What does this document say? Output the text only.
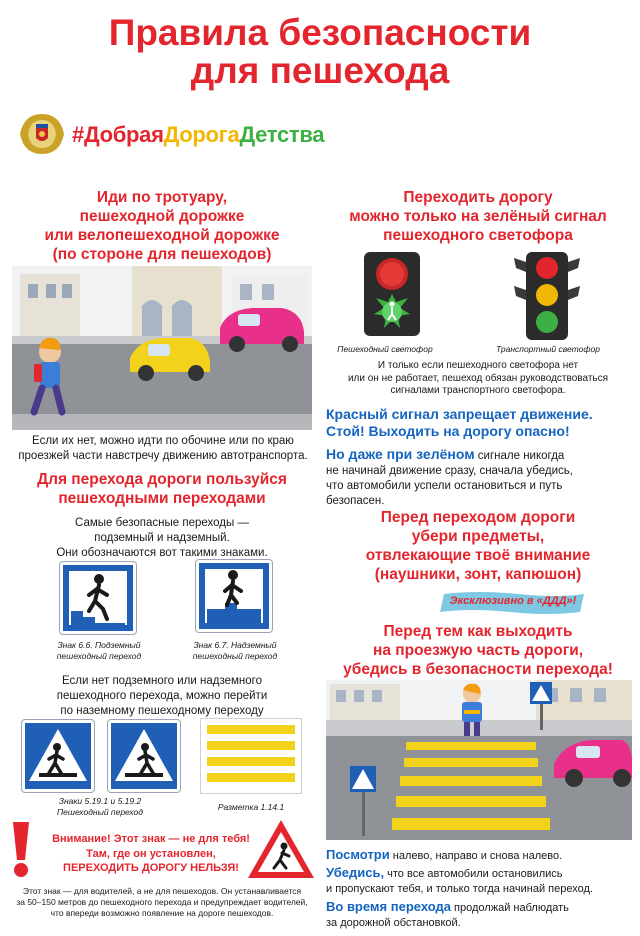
Правила безопасности
для пешехода
#ДобраяДорогаДетства
Иди по тротуару,
пешеходной дорожке
или велопешеходной дорожке
(по стороне для пешеходов)
Если их нет, можно идти по обочине или по краю
проезжей части навстречу движению автотранспорта.
Для перехода дороги пользуйся
пешеходными переходами
Самые безопасные переходы —
подземный и надземный.
Они обозначаются вот такими знаками.
Знак 6.6. Подземный
пешеходный переход
Знак 6.7. Надземный
пешеходный переход
Если нет подземного или надземного
пешеходного перехода, можно перейти
по наземному пешеходному переходу
Знаки 5.19.1 и 5.19.2
Пешеходный переход	Разметка 1.14.1
Внимание! Этот знак — не для тебя!
Там, где он установлен,
ПЕРЕХОДИТЬ ДОРОГУ НЕЛЬЗЯ!
Этот знак — для водителей, а не для пешеходов. Он устанавливается
за 50–150 метров до пешеходного перехода и предупреждает водителей,
что впереди возможно появление на дороге пешеходов.
Переходить дорогу
можно только на зелёный сигнал
пешеходного светофора
Пешеходный светофор	Транспортный светофор
И только если пешеходного светофора нет
или он не работает, пешеход обязан руководствоваться
сигналами транспортного светофора.
Красный сигнал запрещает движение.
Стой! Выходить на дорогу опасно!
Но даже при зелёном сигнале никогда
не начинай движение сразу, сначала убедись,
что автомобили успели остановиться и путь
безопасен.
Перед переходом дороги
убери предметы,
отвлекающие твоё внимание
(наушники, зонт, капюшон)
Эксклюзивно в «ДДД»!
Перед тем как выходить
на проезжую часть дороги,
убедись в безопасности перехода!
Посмотри налево, направо и снова налево.
Убедись, что все автомобили остановились
и пропускают тебя, и только тогда начинай переход.
Во время перехода продолжай наблюдать
за дорожной обстановкой.
